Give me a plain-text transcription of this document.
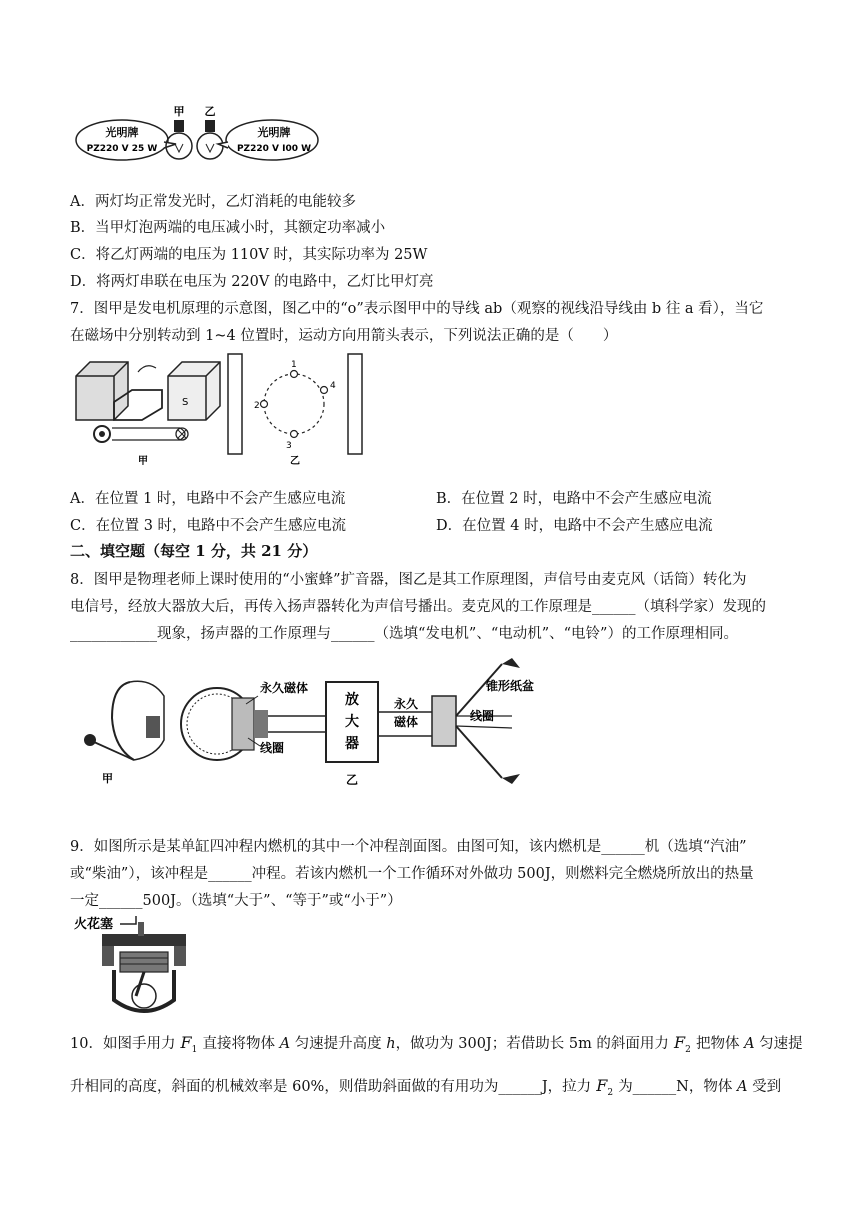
光明牌
PZ220 V 25 W
甲 乙
光明牌
PZ220 V I00 W
A．两灯均正常发光时，乙灯消耗的电能较多
B．当甲灯泡两端的电压减小时，其额定功率减小
C．将乙灯两端的电压为 110V 时，其实际功率为 25W
D．将两灯串联在电压为 220V 的电路中，乙灯比甲灯亮
7．图甲是发电机原理的示意图，图乙中的“o”表示图甲中的导线 ab（观察的视线沿导线由 b 往 a 看），当它
在磁场中分别转动到 1~4 位置时，运动方向用箭头表示，下列说法正确的是（　　）
S
甲
1
2
3
4
乙
A．在位置 1 时，电路中不会产生感应电流	B．在位置 2 时，电路中不会产生感应电流
C．在位置 3 时，电路中不会产生感应电流	D．在位置 4 时，电路中不会产生感应电流
二、填空题（每空 1 分，共 21 分）
8．图甲是物理老师上课时使用的“小蜜蜂”扩音器，图乙是其工作原理图，声信号由麦克风（话筒）转化为
电信号，经放大器放大后，再传入扬声器转化为声信号播出。麦克风的工作原理是______（填科学家）发现的
____________现象，扬声器的工作原理与______（选填“发电机”、“电动机”、“电铃”）的工作原理相同。
甲
永久磁体
线圈
放
大
器
乙
永久
磁体
锥形纸盆
线圈
9．如图所示是某单缸四冲程内燃机的其中一个冲程剖面图。由图可知，该内燃机是______机（选填“汽油”
或“柴油”），该冲程是______冲程。若该内燃机一个工作循环对外做功 500J，则燃料完全燃烧所放出的热量
一定______500J。（选填“大于”、“等于”或“小于”）
火花塞
10．如图手用力 $F_1$ 直接将物体 A 匀速提升高度 h，做功为 300J；若借助长 5m 的斜面用力 $F_2$ 把物体 A 匀速提
升相同的高度，斜面的机械效率是 60%，则借助斜面做的有用功为______J，拉力 $F_2$ 为______N，物体 A 受到
